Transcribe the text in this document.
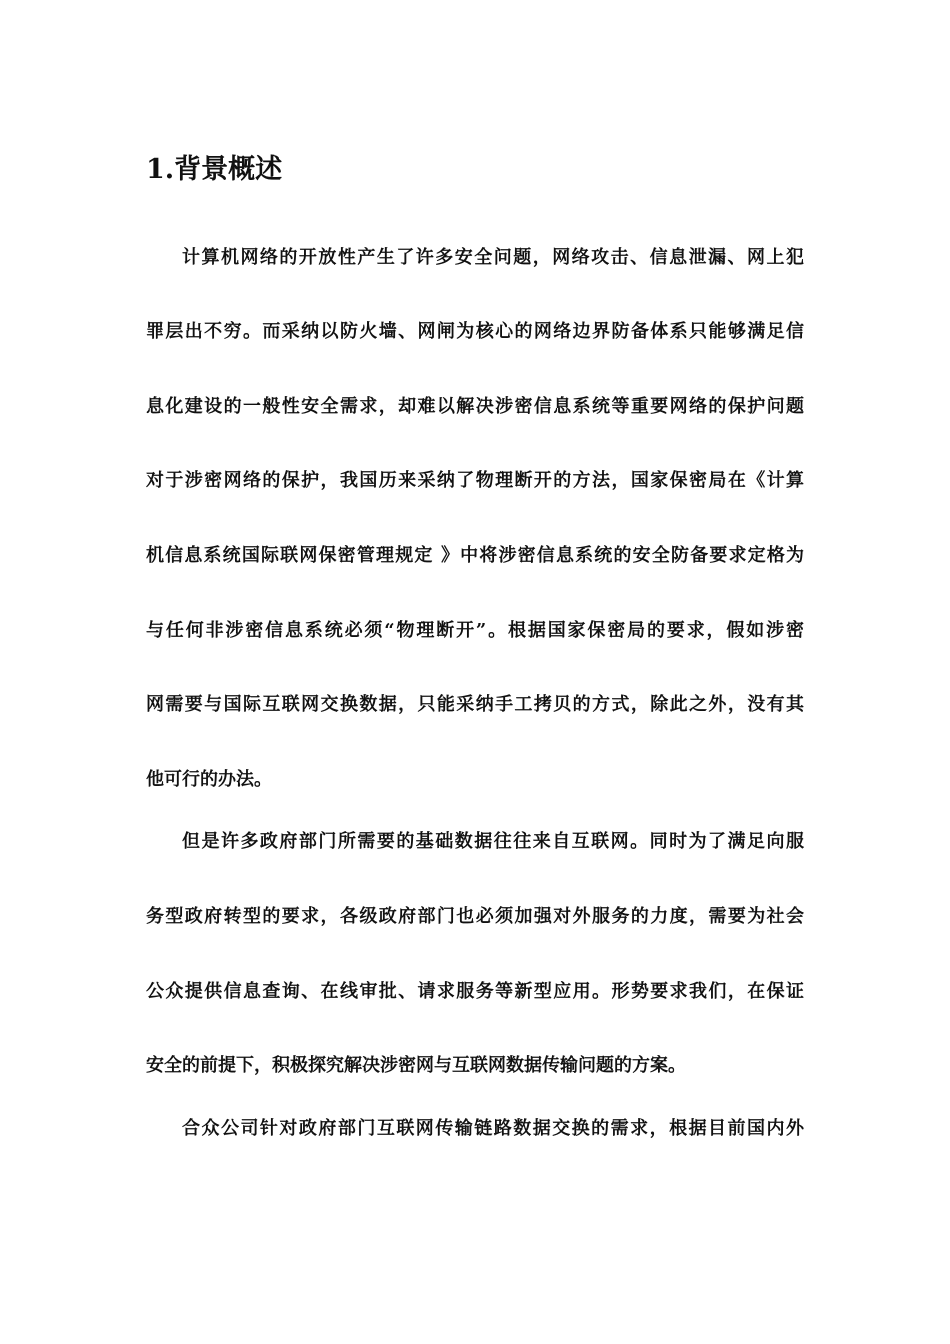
1.背景概述

计算机网络的开放性产生了许多安全问题，网络攻击、信息泄漏、网上犯

罪层出不穷。而采纳以防火墙、网闸为核心的网络边界防备体系只能够满足信

息化建设的一般性安全需求，却难以解决涉密信息系统等重要网络的保护问题

对于涉密网络的保护，我国历来采纳了物理断开的方法，国家保密局在《计算

机信息系统国际联网保密管理规定 》中将涉密信息系统的安全防备要求定格为

与任何非涉密信息系统必须“物理断开”。根据国家保密局的要求，假如涉密

网需要与国际互联网交换数据，只能采纳手工拷贝的方式，除此之外，没有其

他可行的办法。

但是许多政府部门所需要的基础数据往往来自互联网。同时为了满足向服

务型政府转型的要求，各级政府部门也必须加强对外服务的力度，需要为社会

公众提供信息查询、在线审批、请求服务等新型应用。形势要求我们，在保证

安全的前提下，积极探究解决涉密网与互联网数据传输问题的方案。

合众公司针对政府部门互联网传输链路数据交换的需求，根据目前国内外
